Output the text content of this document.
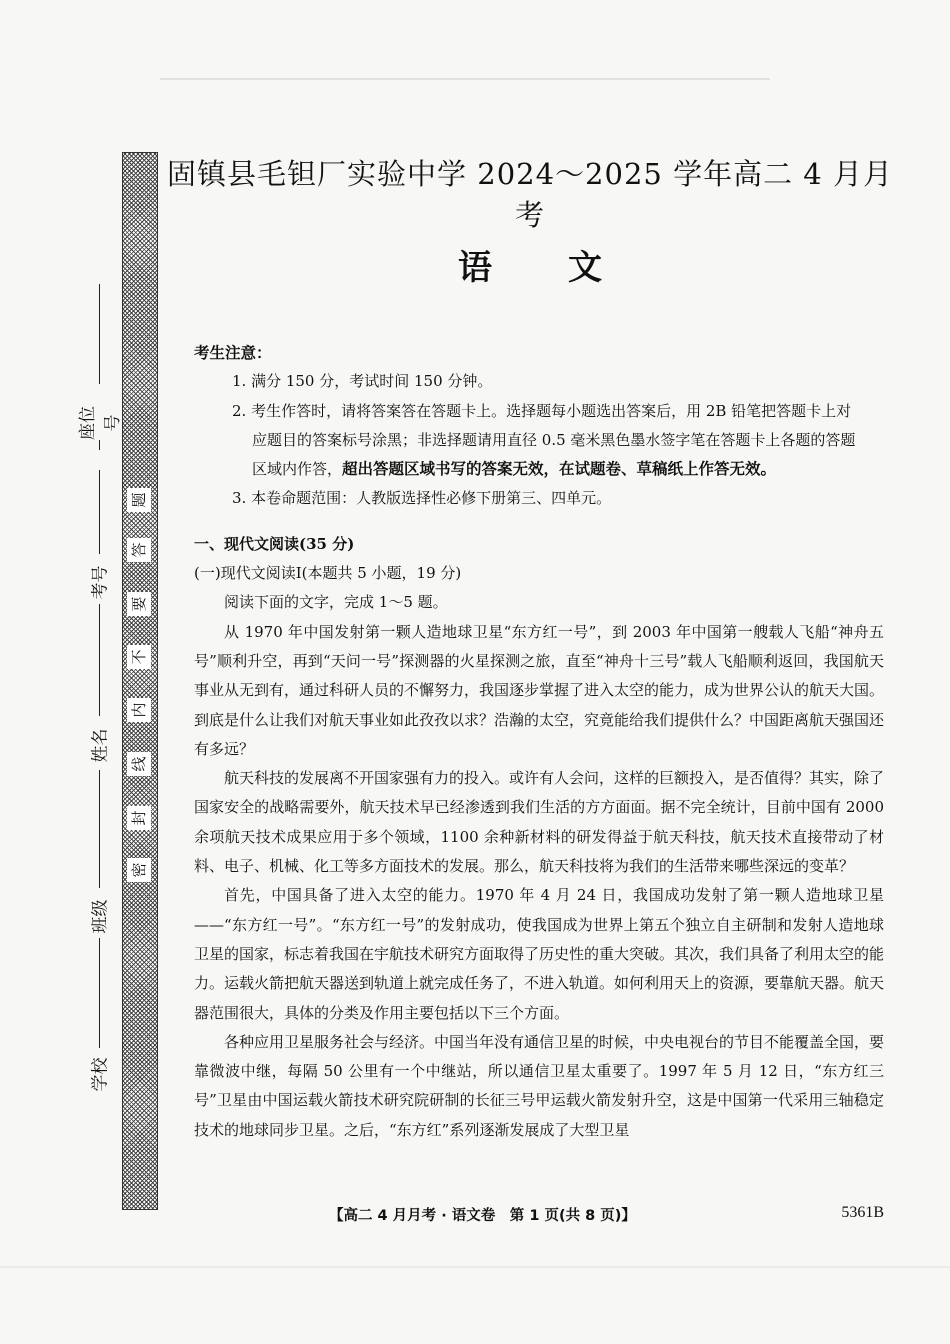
题
答
要
不
内
线
封
密
座位号
考号
姓名
班级
学校
固镇县毛钽厂实验中学 2024～2025 学年高二 4 月月考
语 文

考生注意：

1. 满分 150 分，考试时间 150 分钟。

2. 考生作答时，请将答案答在答题卡上。选择题每小题选出答案后，用 2B 铅笔把答题卡上对

应题目的答案标号涂黑；非选择题请用直径 0.5 毫米黑色墨水签字笔在答题卡上各题的答题

区域内作答，超出答题区域书写的答案无效，在试题卷、草稿纸上作答无效。

3. 本卷命题范围：人教版选择性必修下册第三、四单元。

一、现代文阅读(35 分)

(一)现代文阅读Ⅰ(本题共 5 小题，19 分)

阅读下面的文字，完成 1～5 题。

从 1970 年中国发射第一颗人造地球卫星“东方红一号”，到 2003 年中国第一艘载人飞船“神舟五号”顺利升空，再到“天问一号”探测器的火星探测之旅，直至“神舟十三号”载人飞船顺利返回，我国航天事业从无到有，通过科研人员的不懈努力，我国逐步掌握了进入太空的能力，成为世界公认的航天大国。到底是什么让我们对航天事业如此孜孜以求？浩瀚的太空，究竟能给我们提供什么？中国距离航天强国还有多远？

航天科技的发展离不开国家强有力的投入。或许有人会问，这样的巨额投入，是否值得？其实，除了国家安全的战略需要外，航天技术早已经渗透到我们生活的方方面面。据不完全统计，目前中国有 2000 余项航天技术成果应用于多个领域，1100 余种新材料的研发得益于航天科技，航天技术直接带动了材料、电子、机械、化工等多方面技术的发展。那么，航天科技将为我们的生活带来哪些深远的变革？

首先，中国具备了进入太空的能力。1970 年 4 月 24 日，我国成功发射了第一颗人造地球卫星——“东方红一号”。“东方红一号”的发射成功，使我国成为世界上第五个独立自主研制和发射人造地球卫星的国家，标志着我国在宇航技术研究方面取得了历史性的重大突破。其次，我们具备了利用太空的能力。运载火箭把航天器送到轨道上就完成任务了，不进入轨道。如何利用天上的资源，要靠航天器。航天器范围很大，具体的分类及作用主要包括以下三个方面。

各种应用卫星服务社会与经济。中国当年没有通信卫星的时候，中央电视台的节目不能覆盖全国，要靠微波中继，每隔 50 公里有一个中继站，所以通信卫星太重要了。1997 年 5 月 12 日，“东方红三号”卫星由中国运载火箭技术研究院研制的长征三号甲运载火箭发射升空，这是中国第一代采用三轴稳定技术的地球同步卫星。之后，“东方红”系列逐渐发展成了大型卫星

【高二 4 月月考 · 语文卷　第 1 页(共 8 页)】	5361B
